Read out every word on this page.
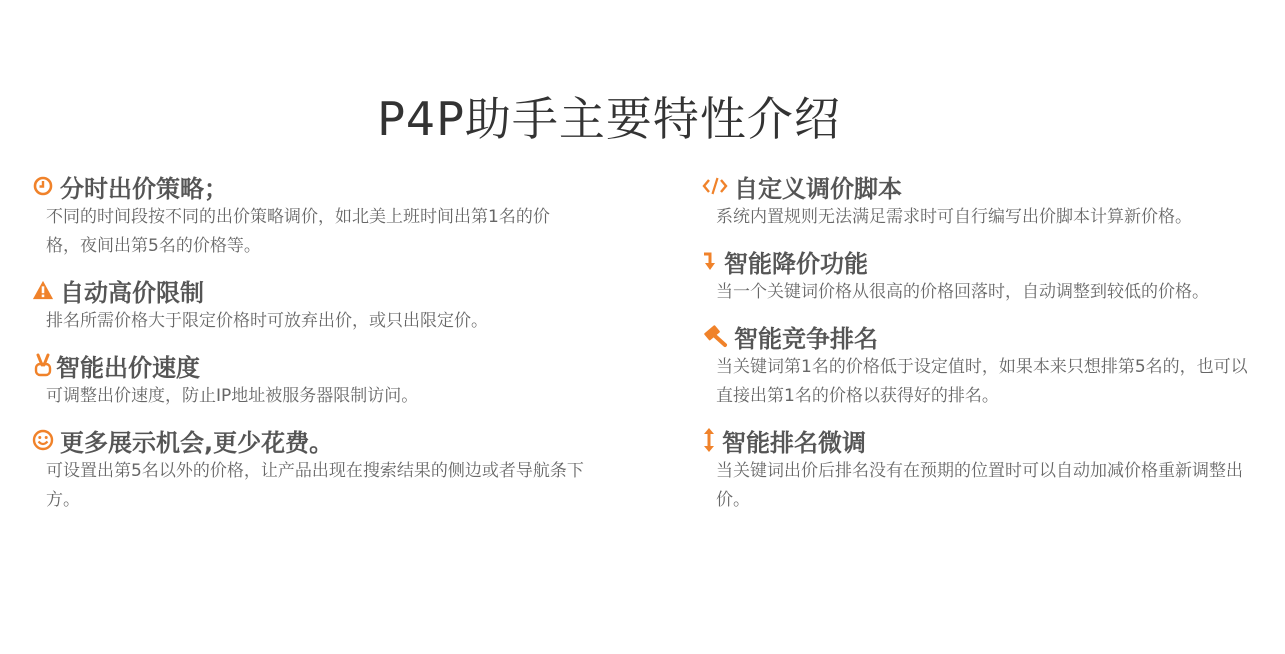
P4P助手主要特性介绍
分时出价策略；
不同的时间段按不同的出价策略调价，如北美上班时间出第1名的价格，夜间出第5名的价格等。
自动高价限制
排名所需价格大于限定价格时可放弃出价，或只出限定价。
智能出价速度
可调整出价速度，防止IP地址被服务器限制访问。
更多展示机会,更少花费。
可设置出第5名以外的价格，让产品出现在搜索结果的侧边或者导航条下方。
自定义调价脚本
系统内置规则无法满足需求时可自行编写出价脚本计算新价格。
智能降价功能
当一个关键词价格从很高的价格回落时，自动调整到较低的价格。
智能竞争排名
当关键词第1名的价格低于设定值时，如果本来只想排第5名的，也可以直接出第1名的价格以获得好的排名。
智能排名微调
当关键词出价后排名没有在预期的位置时可以自动加减价格重新调整出价。
